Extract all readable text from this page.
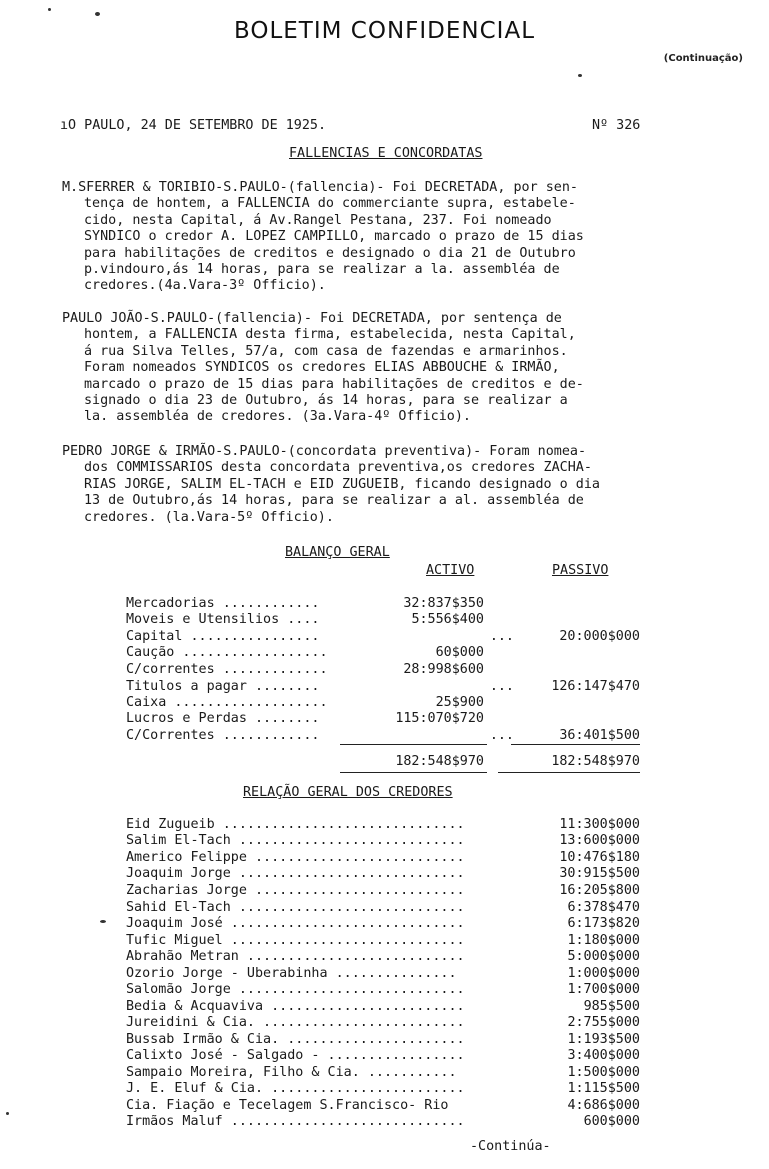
BOLETIM CONFIDENCIAL
(Continuação)
ıO PAULO, 24 DE SETEMBRO DE 1925.	Nº 326
FALLENCIAS E CONCORDATAS
M.SFERRER & TORIBIO-S.PAULO-(fallencia)- Foi DECRETADA, por sen-
tença de hontem, a FALLENCIA do commerciante supra, estabele-
cido, nesta Capital, á Av.Rangel Pestana, 237. Foi nomeado
SYNDICO o credor A. LOPEZ CAMPILLO, marcado o prazo de 15 dias
para habilitações de creditos e designado o dia 21 de Outubro
p.vindouro,ás 14 horas, para se realizar a la. assembléa de
credores.(4a.Vara-3º Officio).
PAULO JOÃO-S.PAULO-(fallencia)- Foi DECRETADA, por sentença de
hontem, a FALLENCIA desta firma, estabelecida, nesta Capital,
á rua Silva Telles, 57/a, com casa de fazendas e armarinhos.
Foram nomeados SYNDICOS os credores ELIAS ABBOUCHE & IRMÃO,
marcado o prazo de 15 dias para habilitações de creditos e de-
signado o dia 23 de Outubro, ás 14 horas, para se realizar a
la. assembléa de credores. (3a.Vara-4º Officio).
PEDRO JORGE & IRMÃO-S.PAULO-(concordata preventiva)- Foram nomea-
dos COMMISSARIOS desta concordata preventiva,os credores ZACHA-
RIAS JORGE, SALIM EL-TACH e EID ZUGUEIB, ficando designado o dia
13 de Outubro,ás 14 horas, para se realizar a al. assembléa de
credores. (la.Vara-5º Officio).
BALANÇO GERAL
ACTIVO	PASSIVO
Mercadorias ............	32:837$350
Moveis e Utensilios ....	5:556$400
Capital ................	...	20:000$000
Caução ..................	60$000
C/correntes .............	28:998$600
Titulos a pagar ........	...	126:147$470
Caixa ...................	25$900
Lucros e Perdas ........	115:070$720
C/Correntes ............	...	36:401$500
182:548$970	182:548$970
RELAÇÃO GERAL DOS CREDORES
Eid Zugueib ..............................	11:300$000
Salim El-Tach ............................	13:600$000
Americo Felippe ..........................	10:476$180
Joaquim Jorge ............................	30:915$500
Zacharias Jorge ..........................	16:205$800
Sahid El-Tach ............................	6:378$470
Joaquim José .............................	6:173$820
Tufic Miguel .............................	1:180$000
Abrahão Metran ...........................	5:000$000
Ozorio Jorge - Uberabinha ...............	1:000$000
Salomão Jorge ............................	1:700$000
Bedia & Acquaviva ........................	985$500
Jureidini & Cia. .........................	2:755$000
Bussab Irmão & Cia. ......................	1:193$500
Calixto José - Salgado - .................	3:400$000
Sampaio Moreira, Filho & Cia. ...........	1:500$000
J. E. Eluf & Cia. ........................	1:115$500
Cia. Fiação e Tecelagem S.Francisco- Rio	4:686$000
Irmãos Maluf .............................	600$000
-Continúa-
